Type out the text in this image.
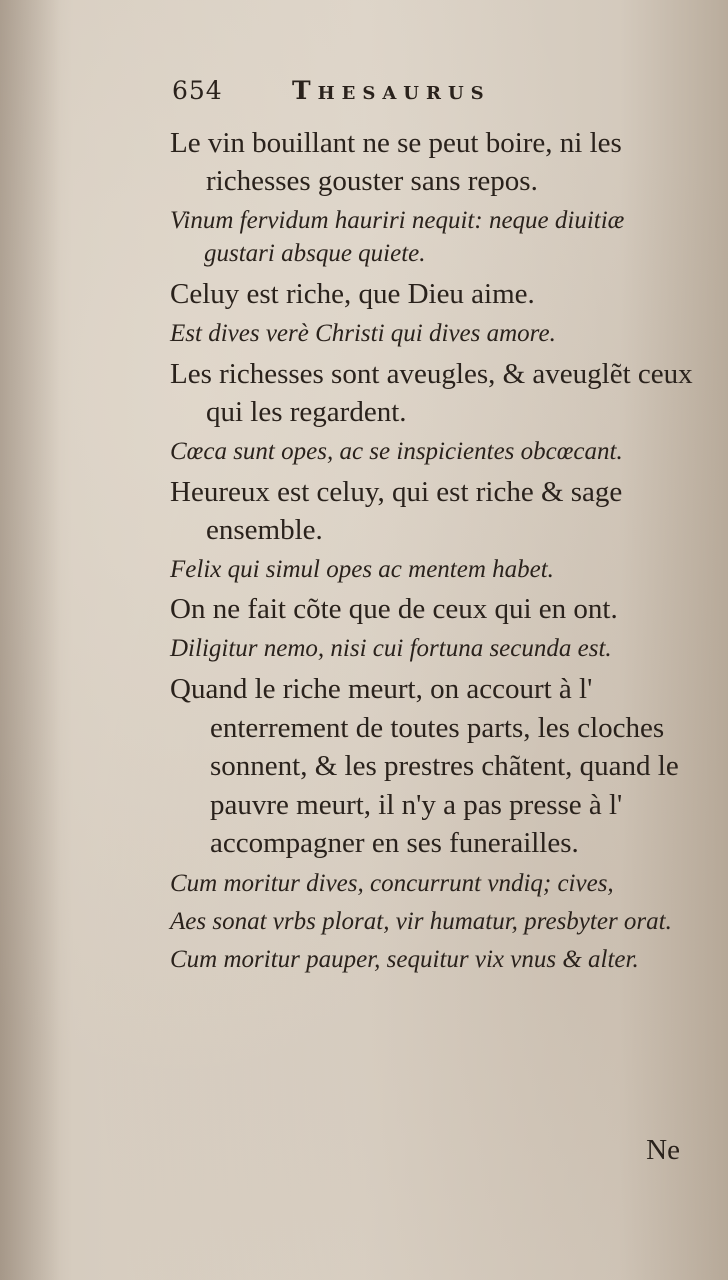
654	Thesaurus

Le vin bouillant ne se peut boire, ni les richesses gouster sans repos.

Vinum fervidum hauriri nequit: neque diuitiæ gustari absque quiete.

Celuy est riche, que Dieu aime.

Est dives verè Christi qui dives amore.

Les richesses sont aveugles, & aveuglẽt ceux qui les regardent.

Cœca sunt opes, ac se inspicientes obcœcant.

Heureux est celuy, qui est riche & sage ensemble.

Felix qui simul opes ac mentem habet.

On ne fait cõte que de ceux qui en ont.

Diligitur nemo, nisi cui fortuna secunda est.

Quand le riche meurt, on accourt à l' enterrement de toutes parts, les cloches sonnent, & les prestres chãtent, quand le pauvre meurt, il n'y a pas presse à l' accompagner en ses funerailles.

Cum moritur dives, concurrunt vndiq; cives,

Aes sonat vrbs plorat, vir humatur, presbyter orat.

Cum moritur pauper, sequitur vix vnus & alter.

Ne
